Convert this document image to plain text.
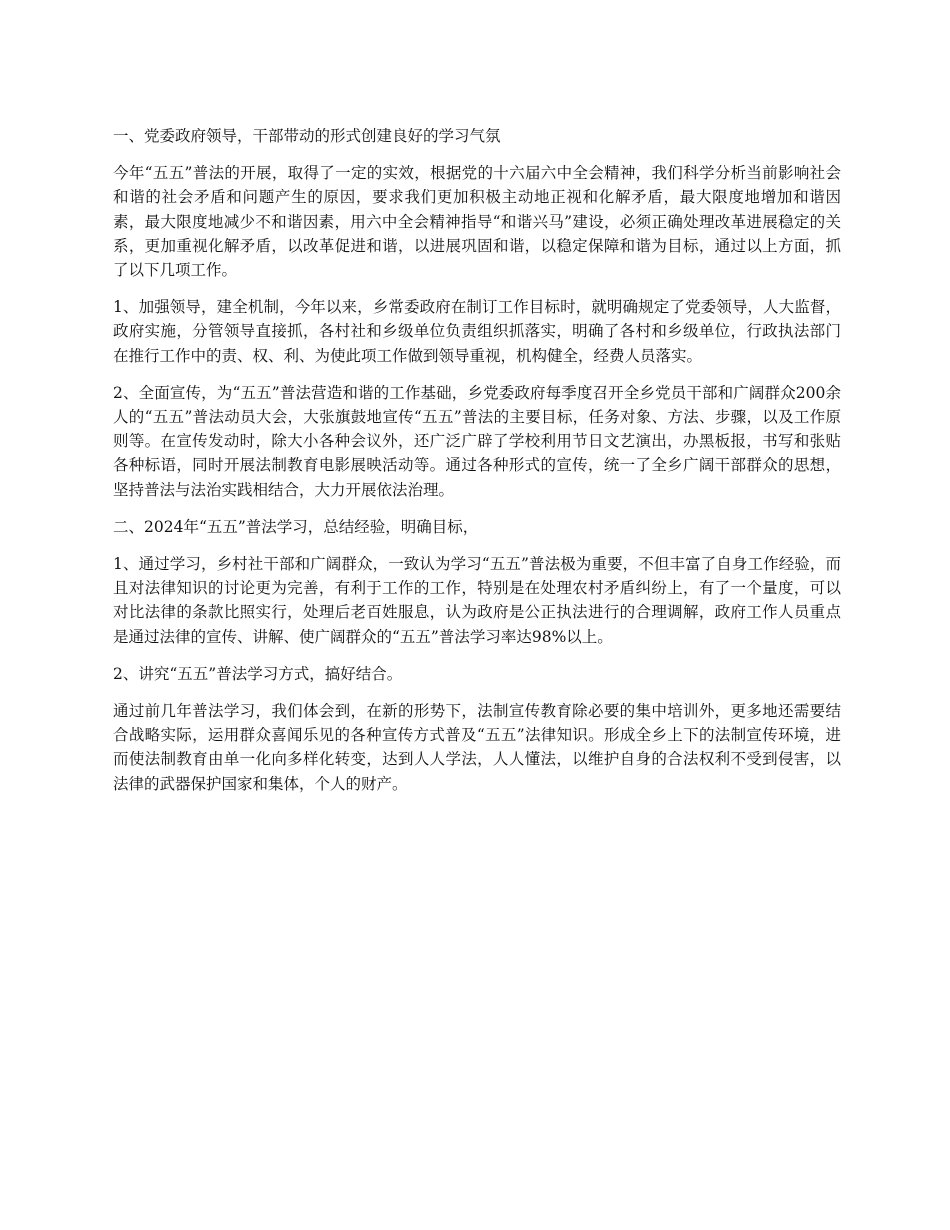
一、党委政府领导，干部带动的形式创建良好的学习气氛

今年“五五”普法的开展，取得了一定的实效，根据党的十六届六中全会精神，我们科学分析当前影响社会和谐的社会矛盾和问题产生的原因，要求我们更加积极主动地正视和化解矛盾，最大限度地增加和谐因素，最大限度地减少不和谐因素，用六中全会精神指导“和谐兴马”建设，必须正确处理改革进展稳定的关系，更加重视化解矛盾，以改革促进和谐，以进展巩固和谐，以稳定保障和谐为目标，通过以上方面，抓了以下几项工作。

1、加强领导，建全机制，今年以来，乡常委政府在制订工作目标时，就明确规定了党委领导，人大监督，政府实施，分管领导直接抓，各村社和乡级单位负责组织抓落实，明确了各村和乡级单位，行政执法部门在推行工作中的责、权、利、为使此项工作做到领导重视，机构健全，经费人员落实。

2、全面宣传，为“五五”普法营造和谐的工作基础，乡党委政府每季度召开全乡党员干部和广阔群众200余人的“五五”普法动员大会，大张旗鼓地宣传“五五”普法的主要目标，任务对象、方法、步骤，以及工作原则等。在宣传发动时，除大小各种会议外，还广泛广辟了学校利用节日文艺演出，办黑板报，书写和张贴各种标语，同时开展法制教育电影展映活动等。通过各种形式的宣传，统一了全乡广阔干部群众的思想，坚持普法与法治实践相结合，大力开展依法治理。

二、2024年“五五”普法学习，总结经验，明确目标，

1、通过学习，乡村社干部和广阔群众，一致认为学习“五五”普法极为重要，不但丰富了自身工作经验，而且对法律知识的讨论更为完善，有利于工作的工作，特别是在处理农村矛盾纠纷上，有了一个量度，可以对比法律的条款比照实行，处理后老百姓服息，认为政府是公正执法进行的合理调解，政府工作人员重点是通过法律的宣传、讲解、使广阔群众的“五五”普法学习率达98%以上。

2、讲究“五五”普法学习方式，搞好结合。

通过前几年普法学习，我们体会到，在新的形势下，法制宣传教育除必要的集中培训外，更多地还需要结合战略实际，运用群众喜闻乐见的各种宣传方式普及“五五”法律知识。形成全乡上下的法制宣传环境，进而使法制教育由单一化向多样化转变，达到人人学法，人人懂法，以维护自身的合法权利不受到侵害，以法律的武器保护国家和集体，个人的财产。
